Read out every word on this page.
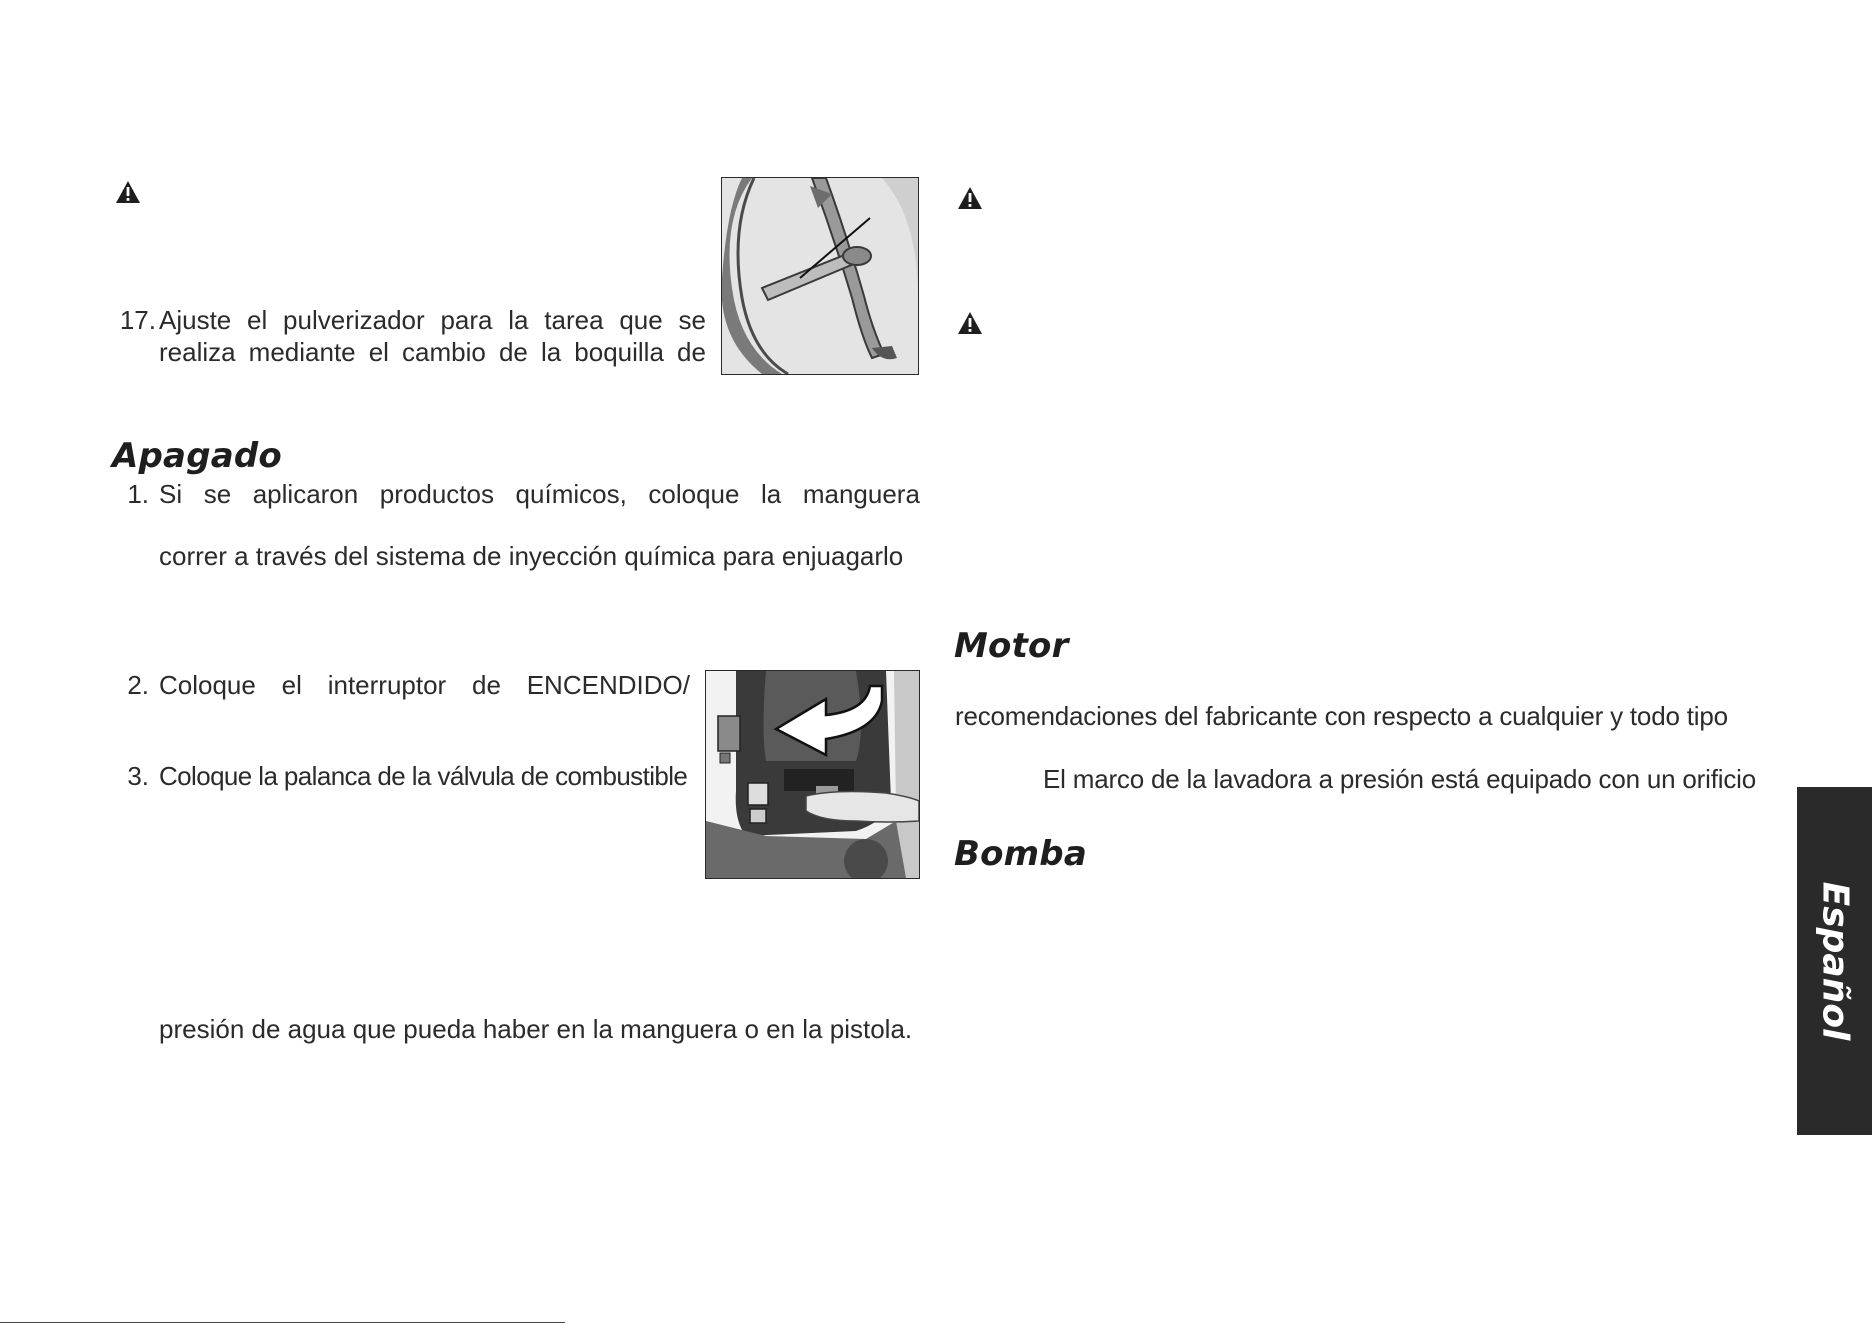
17. Ajuste el pulverizador para la tarea que se
realiza mediante el cambio de la boquilla de
Apagado
1. Si se aplicaron productos químicos, coloque la manguera
correr a través del sistema de inyección química para enjuagarlo
2. Coloque el interruptor de ENCENDIDO/
3. Coloque la palanca de la válvula de combustible
presión de agua que pueda haber en la manguera o en la pistola.
Motor
recomendaciones del fabricante con respecto a cualquier y todo tipo
El marco de la lavadora a presión está equipado con un orificio
Bomba
Español
